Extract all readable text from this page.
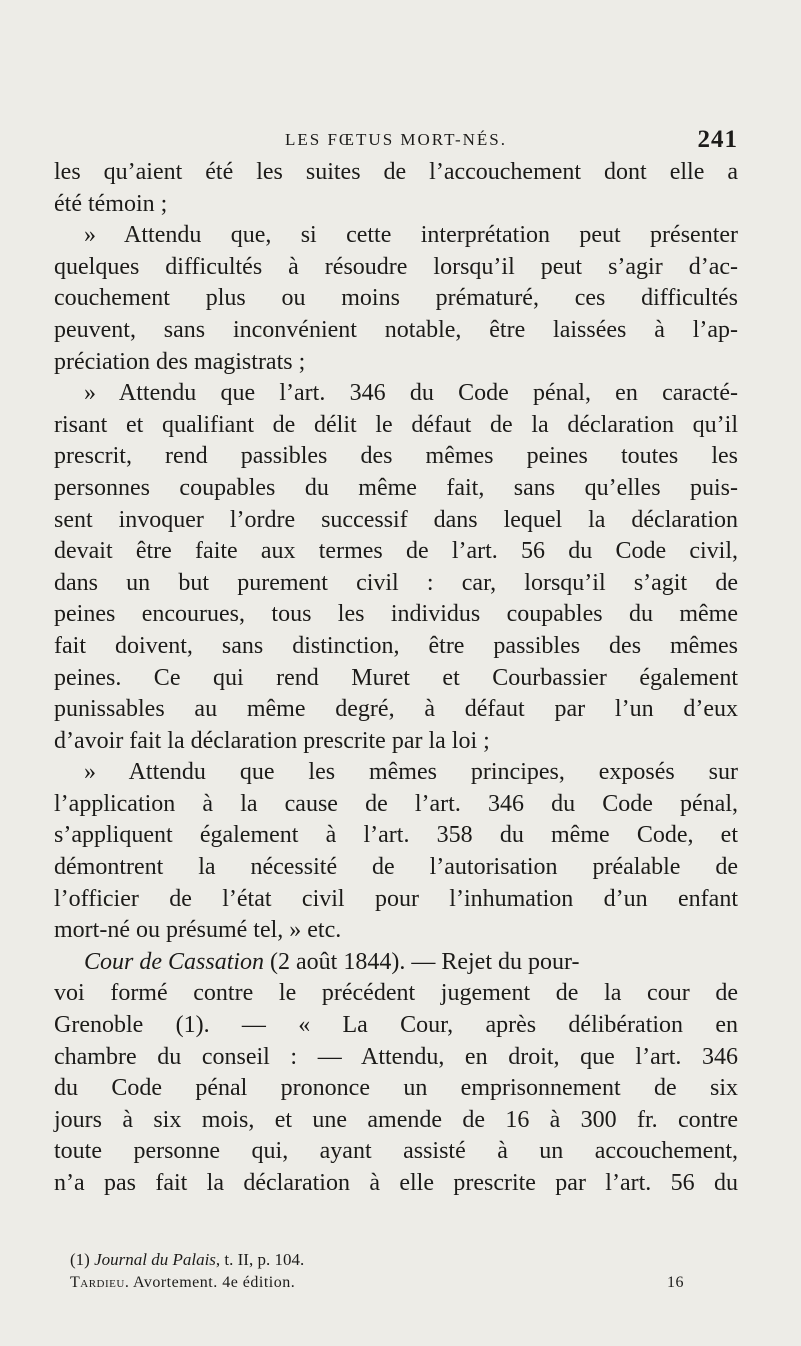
LES FŒTUS MORT-NÉS.	241
les qu’aient été les suites de l’accouchement dont elle a
été témoin ;
» Attendu que, si cette interprétation peut présenter
quelques difficultés à résoudre lorsqu’il peut s’agir d’ac-
couchement plus ou moins prématuré, ces difficultés
peuvent, sans inconvénient notable, être laissées à l’ap-
préciation des magistrats ;
» Attendu que l’art. 346 du Code pénal, en caracté-
risant et qualifiant de délit le défaut de la déclaration qu’il
prescrit, rend passibles des mêmes peines toutes les
personnes coupables du même fait, sans qu’elles puis-
sent invoquer l’ordre successif dans lequel la déclaration
devait être faite aux termes de l’art. 56 du Code civil,
dans un but purement civil : car, lorsqu’il s’agit de
peines encourues, tous les individus coupables du même
fait doivent, sans distinction, être passibles des mêmes
peines. Ce qui rend Muret et Courbassier également
punissables au même degré, à défaut par l’un d’eux
d’avoir fait la déclaration prescrite par la loi ;
» Attendu que les mêmes principes, exposés sur
l’application à la cause de l’art. 346 du Code pénal,
s’appliquent également à l’art. 358 du même Code, et
démontrent la nécessité de l’autorisation préalable de
l’officier de l’état civil pour l’inhumation d’un enfant
mort-né ou présumé tel, » etc.
Cour de Cassation (2 août 1844). — Rejet du pour-
voi formé contre le précédent jugement de la cour de
Grenoble (1). — « La Cour, après délibération en
chambre du conseil : — Attendu, en droit, que l’art. 346
du Code pénal prononce un emprisonnement de six
jours à six mois, et une amende de 16 à 300 fr. contre
toute personne qui, ayant assisté à un accouchement,
n’a pas fait la déclaration à elle prescrite par l’art. 56 du
(1) Journal du Palais, t. II, p. 104.
Tardieu. Avortement. 4e édition.	16
